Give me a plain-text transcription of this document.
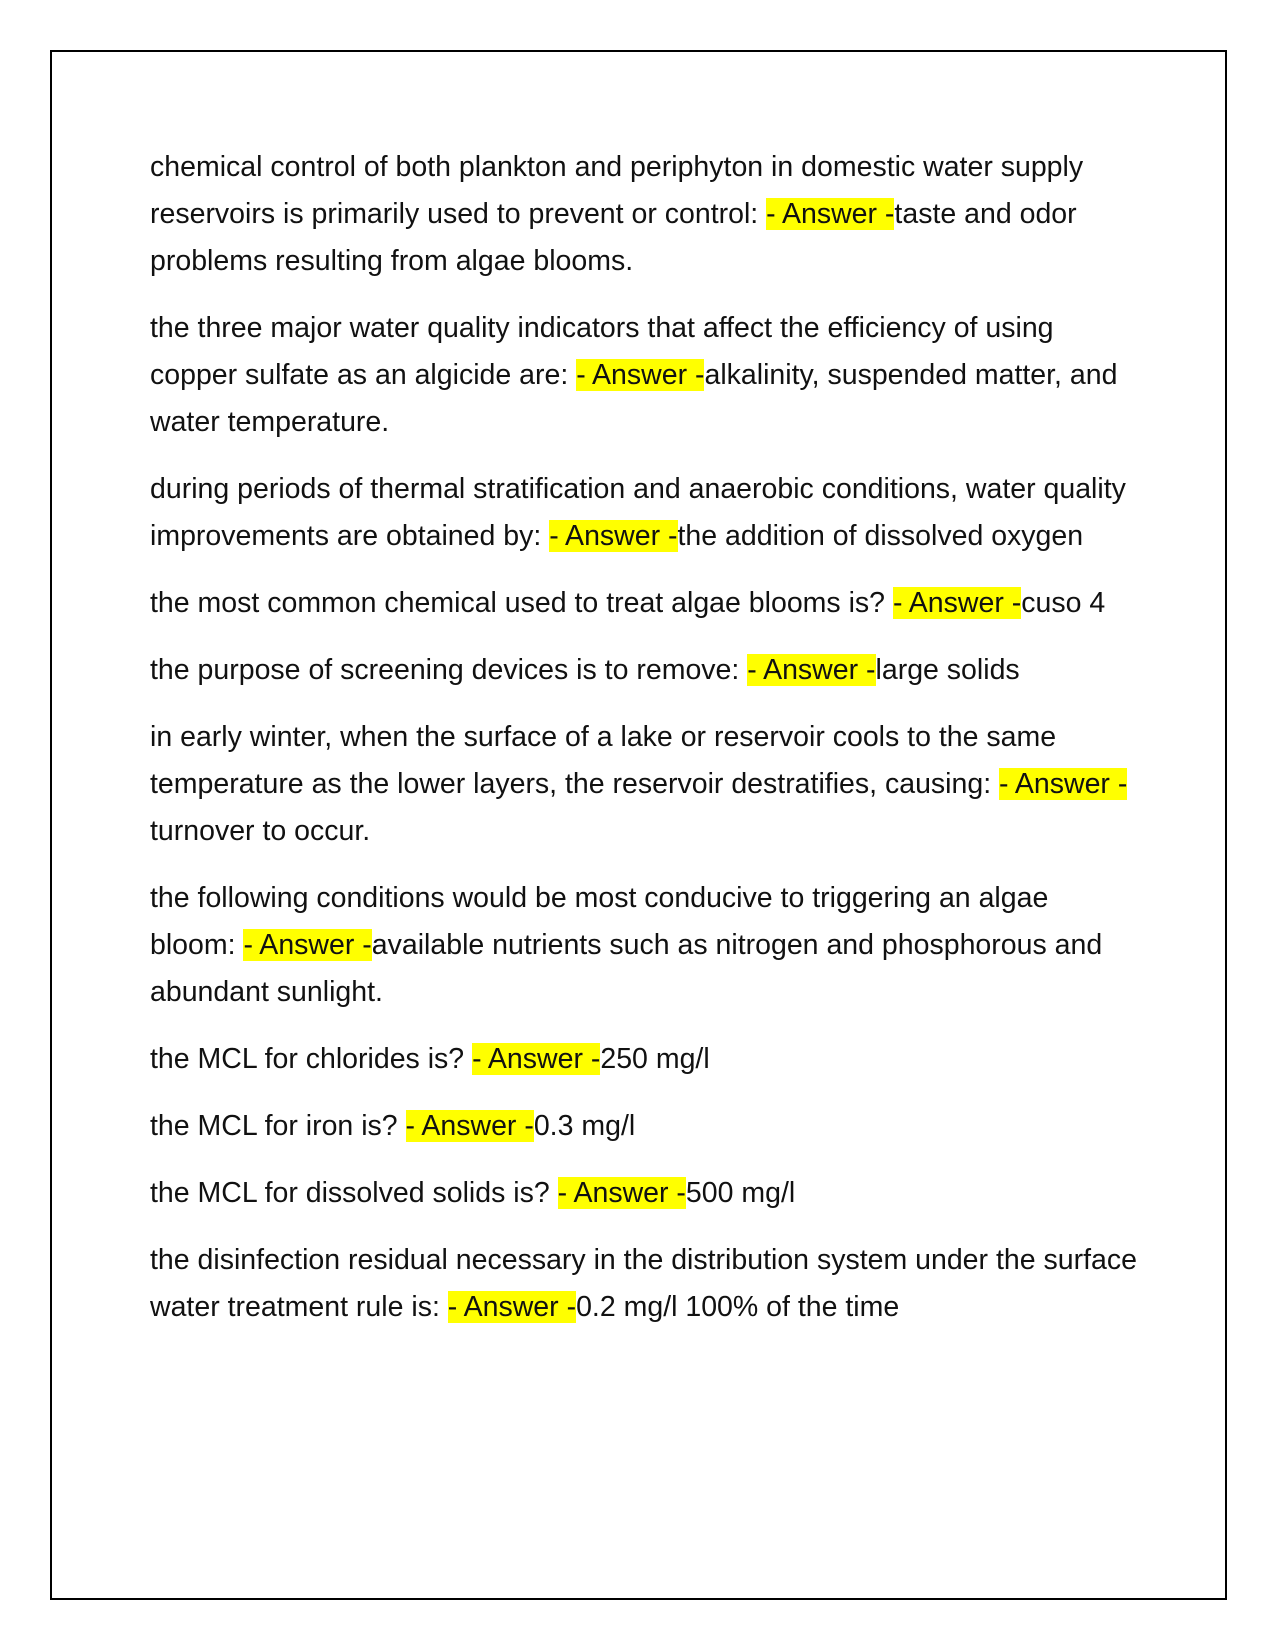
chemical control of both plankton and periphyton in domestic water supply reservoirs is primarily used to prevent or control: - Answer -taste and odor problems resulting from algae blooms.

the three major water quality indicators that affect the efficiency of using copper sulfate as an algicide are: - Answer -alkalinity, suspended matter, and water temperature.

during periods of thermal stratification and anaerobic conditions, water quality improvements are obtained by: - Answer -the addition of dissolved oxygen

the most common chemical used to treat algae blooms is? - Answer -cuso 4

the purpose of screening devices is to remove: - Answer -large solids

in early winter, when the surface of a lake or reservoir cools to the same temperature as the lower layers, the reservoir destratifies, causing: - Answer -turnover to occur.

the following conditions would be most conducive to triggering an algae bloom: - Answer -available nutrients such as nitrogen and phosphorous and abundant sunlight.

the MCL for chlorides is? - Answer -250 mg/l

the MCL for iron is? - Answer -0.3 mg/l

the MCL for dissolved solids is? - Answer -500 mg/l

the disinfection residual necessary in the distribution system under the surface water treatment rule is: - Answer -0.2 mg/l 100% of the time
